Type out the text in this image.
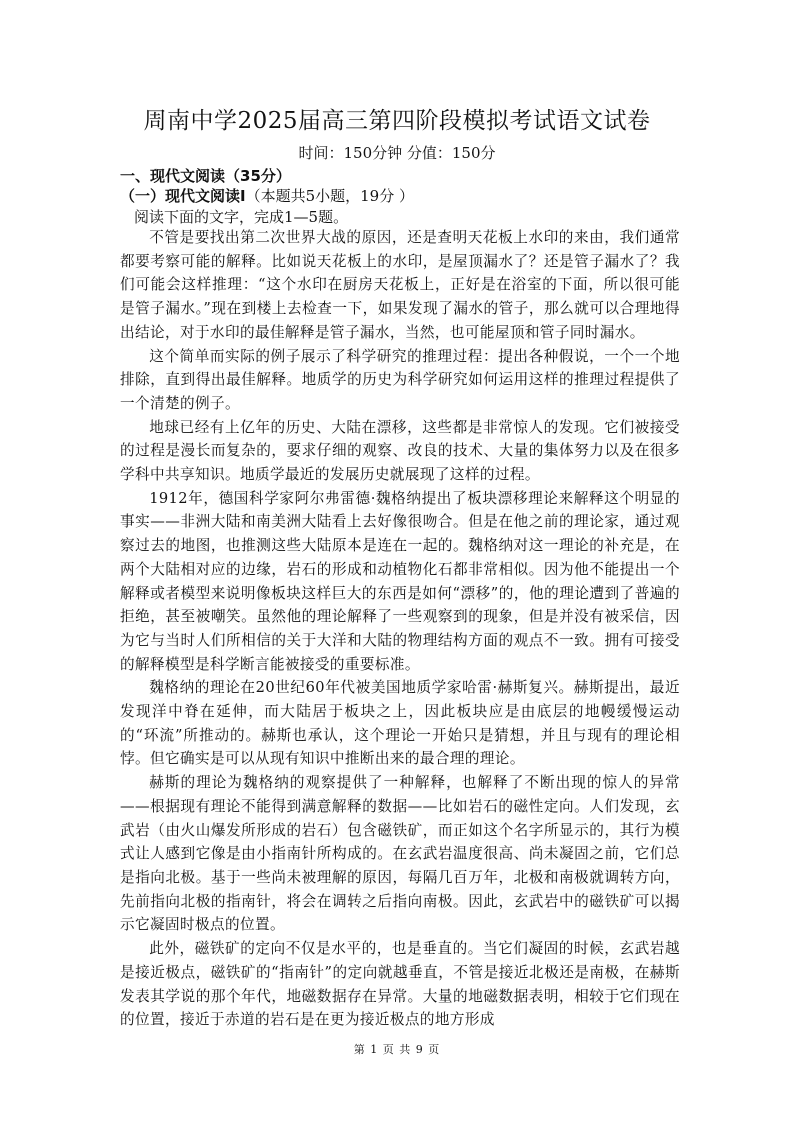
周南中学2025届高三第四阶段模拟考试语文试卷
时间：150分钟 分值：150分
一、现代文阅读（35分）
（一）现代文阅读Ⅰ（本题共5小题，19分 ）
阅读下面的文字，完成1—5题。

不管是要找出第二次世界大战的原因，还是查明天花板上水印的来由，我们通常都要考察可能的解释。比如说天花板上的水印，是屋顶漏水了？还是管子漏水了？我们可能会这样推理：“这个水印在厨房天花板上，正好是在浴室的下面，所以很可能是管子漏水。”现在到楼上去检查一下，如果发现了漏水的管子，那么就可以合理地得出结论，对于水印的最佳解释是管子漏水，当然，也可能屋顶和管子同时漏水。

这个简单而实际的例子展示了科学研究的推理过程：提出各种假说，一个一个地排除，直到得出最佳解释。地质学的历史为科学研究如何运用这样的推理过程提供了一个清楚的例子。

地球已经有上亿年的历史、大陆在漂移，这些都是非常惊人的发现。它们被接受的过程是漫长而复杂的，要求仔细的观察、改良的技术、大量的集体努力以及在很多学科中共享知识。地质学最近的发展历史就展现了这样的过程。

1912年，德国科学家阿尔弗雷德·魏格纳提出了板块漂移理论来解释这个明显的事实——非洲大陆和南美洲大陆看上去好像很吻合。但是在他之前的理论家，通过观察过去的地图，也推测这些大陆原本是连在一起的。魏格纳对这一理论的补充是，在两个大陆相对应的边缘，岩石的形成和动植物化石都非常相似。因为他不能提出一个解释或者模型来说明像板块这样巨大的东西是如何“漂移”的，他的理论遭到了普遍的拒绝，甚至被嘲笑。虽然他的理论解释了一些观察到的现象，但是并没有被采信，因为它与当时人们所相信的关于大洋和大陆的物理结构方面的观点不一致。拥有可接受的解释模型是科学断言能被接受的重要标准。

魏格纳的理论在20世纪60年代被美国地质学家哈雷·赫斯复兴。赫斯提出，最近发现洋中脊在延伸，而大陆居于板块之上，因此板块应是由底层的地幔缓慢运动的“环流”所推动的。赫斯也承认，这个理论一开始只是猜想，并且与现有的理论相悖。但它确实是可以从现有知识中推断出来的最合理的理论。

赫斯的理论为魏格纳的观察提供了一种解释，也解释了不断出现的惊人的异常——根据现有理论不能得到满意解释的数据——比如岩石的磁性定向。人们发现，玄武岩（由火山爆发所形成的岩石）包含磁铁矿，而正如这个名字所显示的，其行为模式让人感到它像是由小指南针所构成的。在玄武岩温度很高、尚未凝固之前，它们总是指向北极。基于一些尚未被理解的原因，每隔几百万年，北极和南极就调转方向，先前指向北极的指南针，将会在调转之后指向南极。因此，玄武岩中的磁铁矿可以揭示它凝固时极点的位置。

此外，磁铁矿的定向不仅是水平的，也是垂直的。当它们凝固的时候，玄武岩越是接近极点，磁铁矿的“指南针”的定向就越垂直，不管是接近北极还是南极，在赫斯发表其学说的那个年代，地磁数据存在异常。大量的地磁数据表明，相较于它们现在的位置，接近于赤道的岩石是在更为接近极点的地方形成

第 1 页 共 9 页
